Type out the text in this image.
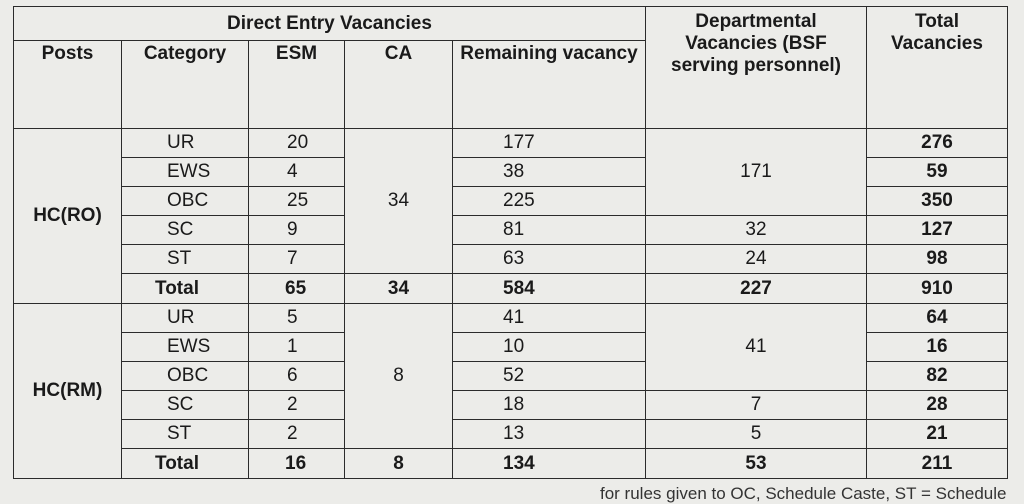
Direct Entry Vacancies					Departmental Vacancies (BSF serving personnel)	Total Vacancies
Posts	Category	ESM	CA	Remaining vacancy		
HC(RO)	UR	20	34	177	171	276
	EWS	4		38		59
	OBC	25		225		350
	SC	9		81	32	127
	ST	7		63	24	98
	Total	65	34	584	227	910
HC(RM)	UR	5	8	41	41	64
	EWS	1		10		16
	OBC	6		52		82
	SC	2		18	7	28
	ST	2		13	5	21
	Total	16	8	134	53	211
for rules given to OC, Schedule Caste, ST = Schedule
